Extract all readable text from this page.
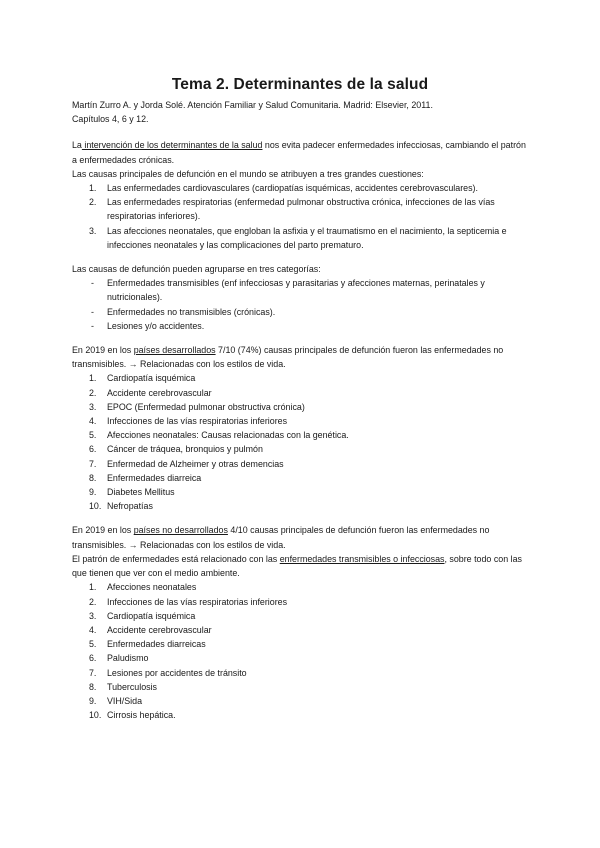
Tema 2. Determinantes de la salud

Martín Zurro A. y Jorda Solé. Atención Familiar y Salud Comunitaria. Madrid: Elsevier, 2011.

Capítulos 4, 6 y 12.

La intervención de los determinantes de la salud nos evita padecer enfermedades infecciosas, cambiando el patrón a enfermedades crónicas.

Las causas principales de defunción en el mundo se atribuyen a tres grandes cuestiones:

1.	Las enfermedades cardiovasculares (cardiopatías isquémicas, accidentes cerebrovasculares).
2.	Las enfermedades respiratorias (enfermedad pulmonar obstructiva crónica, infecciones de las vías respiratorias inferiores).
3.	Las afecciones neonatales, que engloban la asfixia y el traumatismo en el nacimiento, la septicemia e infecciones neonatales y las complicaciones del parto prematuro.

Las causas de defunción pueden agruparse en tres categorías:

- Enfermedades transmisibles (enf infecciosas y parasitarias y afecciones maternas, perinatales y nutricionales).
- Enfermedades no transmisibles (crónicas).
- Lesiones y/o accidentes.

En 2019 en los países desarrollados 7/10 (74%) causas principales de defunción fueron las enfermedades no transmisibles. → Relacionadas con los estilos de vida.

1.	Cardiopatía isquémica
2.	Accidente cerebrovascular
3.	EPOC (Enfermedad pulmonar obstructiva crónica)
4.	Infecciones de las vías respiratorias inferiores
5.	Afecciones neonatales: Causas relacionadas con la genética.
6.	Cáncer de tráquea, bronquios y pulmón
7.	Enfermedad de Alzheimer y otras demencias
8.	Enfermedades diarreica
9.	Diabetes Mellitus
10. Nefropatías

En 2019 en los países no desarrollados 4/10 causas principales de defunción fueron las enfermedades no transmisibles. → Relacionadas con los estilos de vida.

El patrón de enfermedades está relacionado con las enfermedades transmisibles o infecciosas, sobre todo con las que tienen que ver con el medio ambiente.

1.	Afecciones neonatales
2.	Infecciones de las vías respiratorias inferiores
3.	Cardiopatía isquémica
4.	Accidente cerebrovascular
5.	Enfermedades diarreicas
6.	Paludismo
7.	Lesiones por accidentes de tránsito
8.	Tuberculosis
9.	VIH/Sida
10. Cirrosis hepática.
